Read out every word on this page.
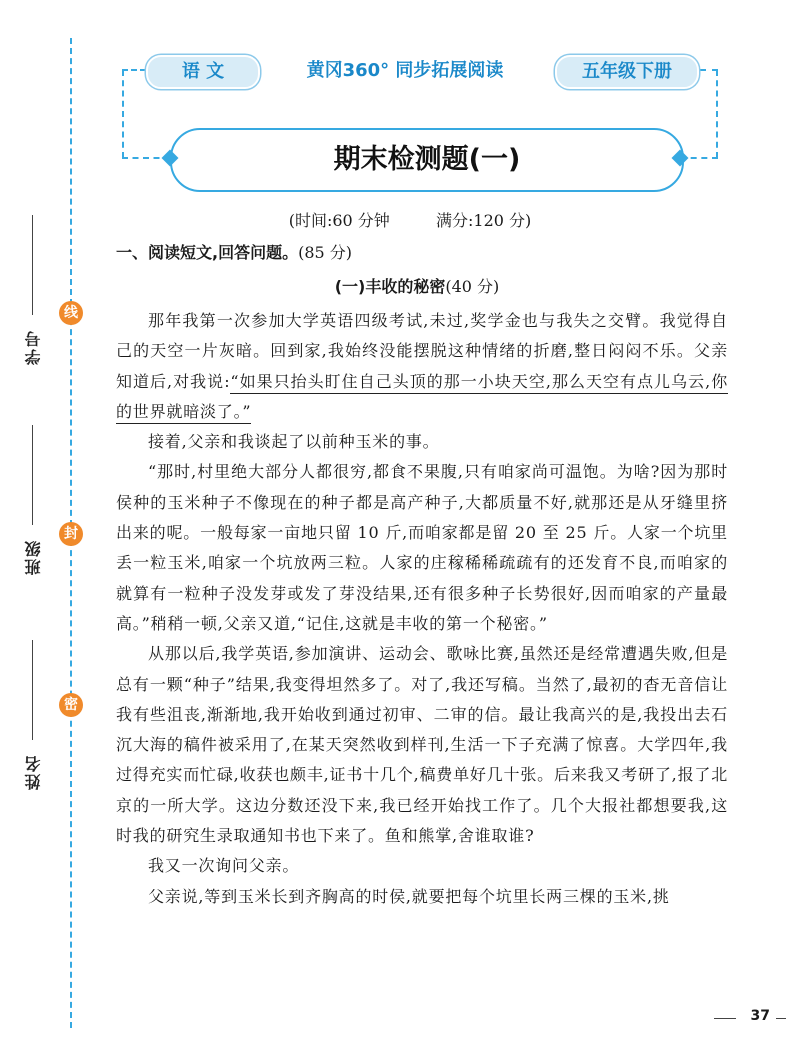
学号
班级
姓名
线
封
密
语 文	黄冈360° 同步拓展阅读	五年级下册
期末检测题(一)
(时间:60 分钟	满分:120 分)
一、阅读短文,回答问题。(85 分)
(一)丰收的秘密(40 分)

那年我第一次参加大学英语四级考试,未过,奖学金也与我失之交臂。我觉得自己的天空一片灰暗。回到家,我始终没能摆脱这种情绪的折磨,整日闷闷不乐。父亲知道后,对我说:“如果只抬头盯住自己头顶的那一小块天空,那么天空有点儿乌云,你的世界就暗淡了。”

接着,父亲和我谈起了以前种玉米的事。

“那时,村里绝大部分人都很穷,都食不果腹,只有咱家尚可温饱。为啥?因为那时侯种的玉米种子不像现在的种子都是高产种子,大都质量不好,就那还是从牙缝里挤出来的呢。一般每家一亩地只留 10 斤,而咱家都是留 20 至 25 斤。人家一个坑里丢一粒玉米,咱家一个坑放两三粒。人家的庄稼稀稀疏疏有的还发育不良,而咱家的就算有一粒种子没发芽或发了芽没结果,还有很多种子长势很好,因而咱家的产量最高。”稍稍一顿,父亲又道,“记住,这就是丰收的第一个秘密。”

从那以后,我学英语,参加演讲、运动会、歌咏比赛,虽然还是经常遭遇失败,但是总有一颗“种子”结果,我变得坦然多了。对了,我还写稿。当然了,最初的杳无音信让我有些沮丧,渐渐地,我开始收到通过初审、二审的信。最让我高兴的是,我投出去石沉大海的稿件被采用了,在某天突然收到样刊,生活一下子充满了惊喜。大学四年,我过得充实而忙碌,收获也颇丰,证书十几个,稿费单好几十张。后来我又考研了,报了北京的一所大学。这边分数还没下来,我已经开始找工作了。几个大报社都想要我,这时我的研究生录取通知书也下来了。鱼和熊掌,舍谁取谁?

我又一次询问父亲。

父亲说,等到玉米长到齐胸高的时侯,就要把每个坑里长两三棵的玉米,挑

37
